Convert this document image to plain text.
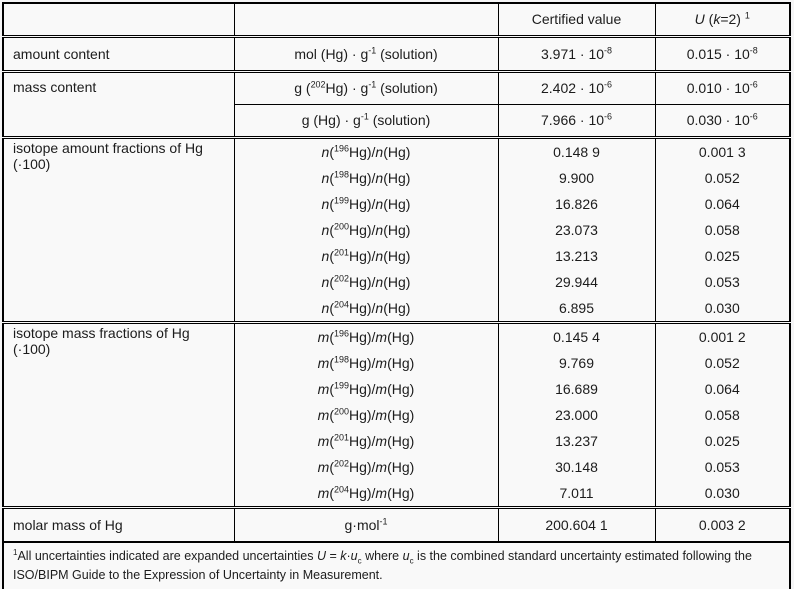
		Certified value	U (k=2) $^1$
amount content	mol $(Hg) \cdot g^{-1}$ (solution)	$3.971 \cdot 10^{-8}$	$0.015 \cdot 10^{-8}$
mass content	g $(^{202}Hg) \cdot g^{-1}$ (solution)	$2.402 \cdot 10^{-6}$	$0.010 \cdot 10^{-6}$
	g $(Hg) \cdot g^{-1}$ (solution)	$7.966 \cdot 10^{-6}$	$0.030 \cdot 10^{-6}$
isotope amount fractions of Hg (·100)	n($^{196}$Hg)/n(Hg)	0.148 9	0.001 3
	n($^{198}$Hg)/n(Hg)	9.900	0.052
	n($^{199}$Hg)/n(Hg)	16.826	0.064
	n($^{200}$Hg)/n(Hg)	23.073	0.058
	n($^{201}$Hg)/n(Hg)	13.213	0.025
	n($^{202}$Hg)/n(Hg)	29.944	0.053
	n($^{204}$Hg)/n(Hg)	6.895	0.030
isotope mass fractions of Hg (·100)	m($^{196}$Hg)/m(Hg)	0.145 4	0.001 2
	m($^{198}$Hg)/m(Hg)	9.769	0.052
	m($^{199}$Hg)/m(Hg)	16.689	0.064
	m($^{200}$Hg)/m(Hg)	23.000	0.058
	m($^{201}$Hg)/m(Hg)	13.237	0.025
	m($^{202}$Hg)/m(Hg)	30.148	0.053
	m($^{204}$Hg)/m(Hg)	7.011	0.030
molar mass of Hg	g·mol$^{-1}$	200.604 1	0.003 2
$^1$All uncertainties indicated are expanded uncertainties $U = k\cdot u_c$ where $u_c$ is the combined standard uncertainty estimated following the ISO/BIPM Guide to the Expression of Uncertainty in Measurement.			
